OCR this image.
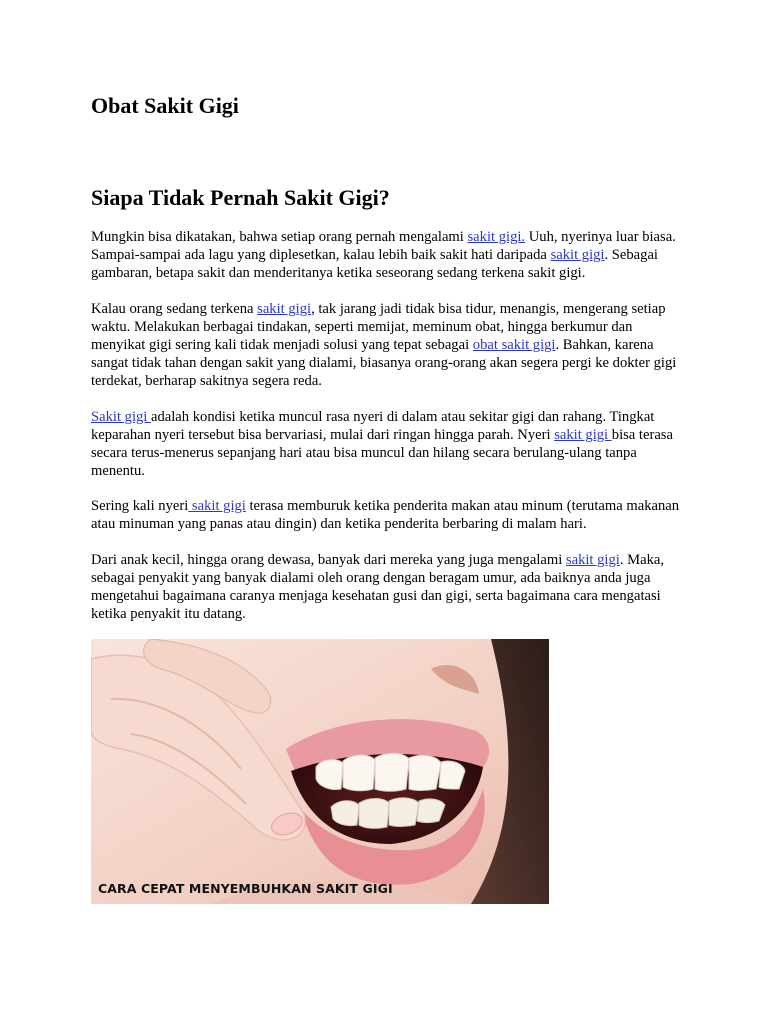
Obat Sakit Gigi
Siapa Tidak Pernah Sakit Gigi?

Mungkin bisa dikatakan, bahwa setiap orang pernah mengalami sakit gigi. Uuh, nyerinya luar biasa. Sampai-sampai ada lagu yang diplesetkan, kalau lebih baik sakit hati daripada sakit gigi. Sebagai gambaran, betapa sakit dan menderitanya ketika seseorang sedang terkena sakit gigi.

Kalau orang sedang terkena sakit gigi, tak jarang jadi tidak bisa tidur, menangis, mengerang setiap waktu. Melakukan berbagai tindakan, seperti memijat, meminum obat, hingga berkumur dan menyikat gigi sering kali tidak menjadi solusi yang tepat sebagai obat sakit gigi. Bahkan, karena sangat tidak tahan dengan sakit yang dialami, biasanya orang-orang akan segera pergi ke dokter gigi terdekat, berharap sakitnya segera reda.

Sakit gigi adalah kondisi ketika muncul rasa nyeri di dalam atau sekitar gigi dan rahang. Tingkat keparahan nyeri tersebut bisa bervariasi, mulai dari ringan hingga parah. Nyeri sakit gigi bisa terasa secara terus-menerus sepanjang hari atau bisa muncul dan hilang secara berulang-ulang tanpa menentu.

Sering kali nyeri sakit gigi terasa memburuk ketika penderita makan atau minum (terutama makanan atau minuman yang panas atau dingin) dan ketika penderita berbaring di malam hari.

Dari anak kecil, hingga orang dewasa, banyak dari mereka yang juga mengalami sakit gigi. Maka, sebagai penyakit yang banyak dialami oleh orang dengan beragam umur, ada baiknya anda juga mengetahui bagaimana caranya menjaga kesehatan gusi dan gigi, serta bagaimana cara mengatasi ketika penyakit itu datang.

CARA CEPAT MENYEMBUHKAN SAKIT GIGI
